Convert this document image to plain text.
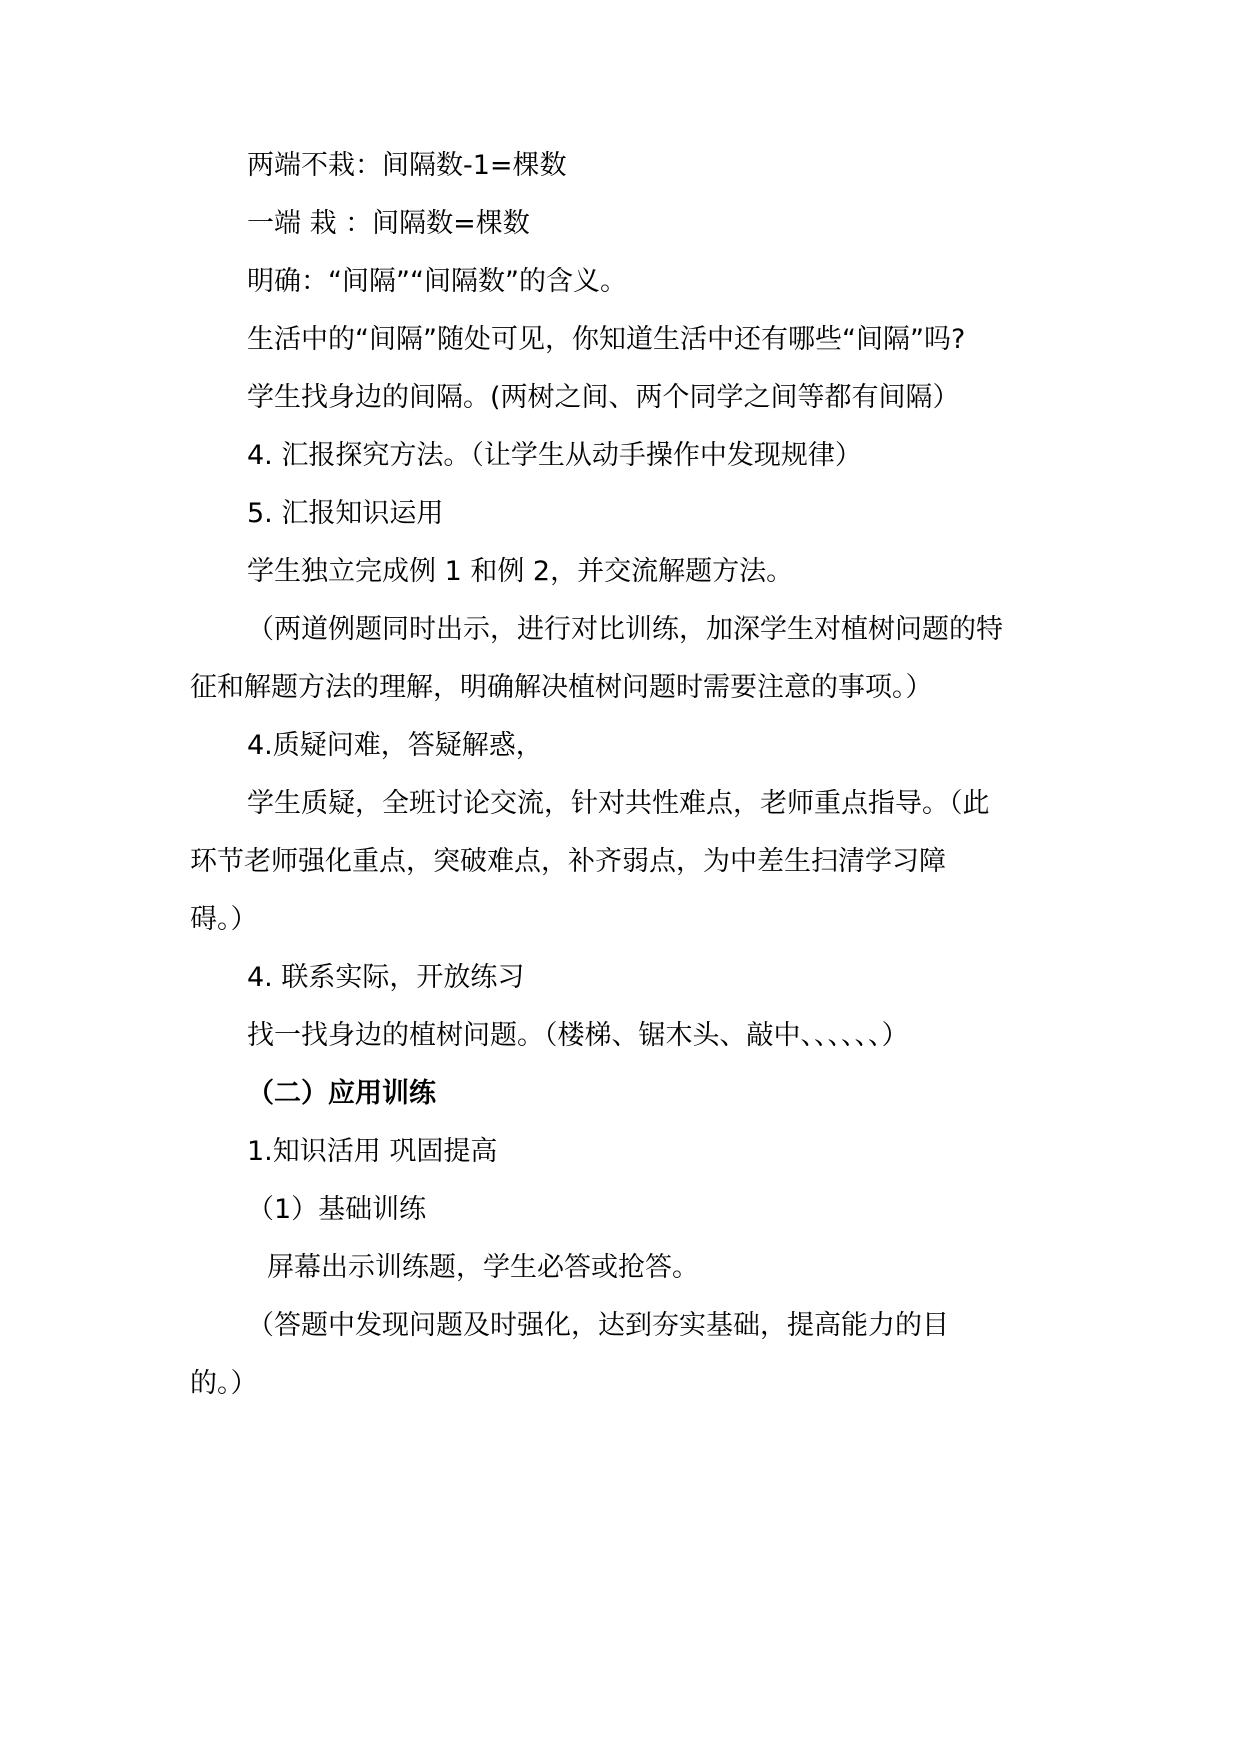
两端不栽：间隔数-1=棵数
一端 栽 ：间隔数=棵数
明确：“间隔”“间隔数”的含义。
生活中的“间隔”随处可见，你知道生活中还有哪些“间隔”吗?
学生找身边的间隔。(两树之间、两个同学之间等都有间隔）
4. 汇报探究方法。（让学生从动手操作中发现规律）
5. 汇报知识运用
学生独立完成例 1 和例 2，并交流解题方法。
（两道例题同时出示，进行对比训练，加深学生对植树问题的特
征和解题方法的理解，明确解决植树问题时需要注意的事项。）
4.质疑问难，答疑解惑，
学生质疑，全班讨论交流，针对共性难点，老师重点指导。（此
环节老师强化重点，突破难点，补齐弱点，为中差生扫清学习障
碍。）
4. 联系实际，开放练习
找一找身边的植树问题。（楼梯、锯木头、敲中、、、、、、）
（二）应用训练
1.知识活用 巩固提高
（1）基础训练
屏幕出示训练题，学生必答或抢答。
（答题中发现问题及时强化，达到夯实基础，提高能力的目
的。）
